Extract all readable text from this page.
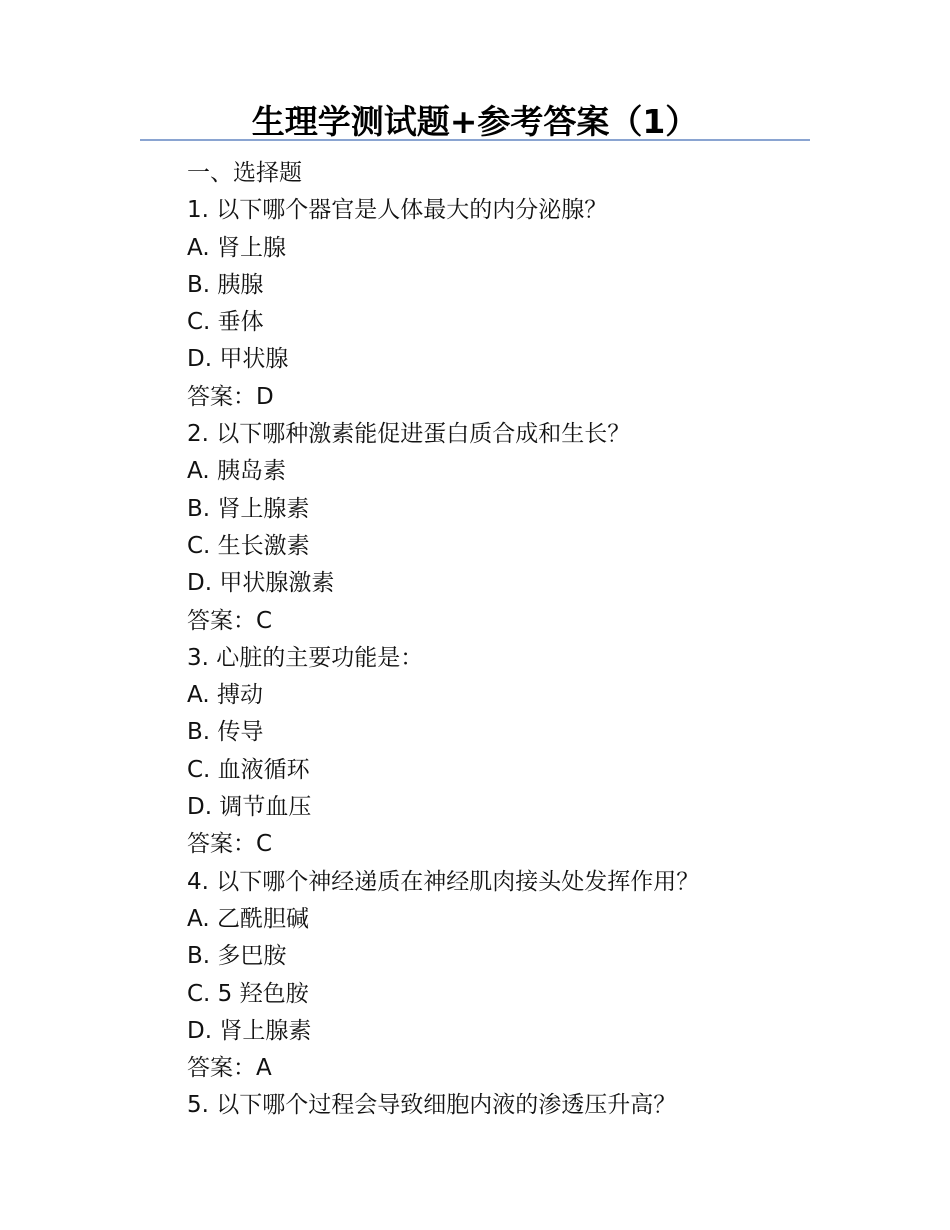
生理学测试题+参考答案（1）
一、选择题
1. 以下哪个器官是人体最大的内分泌腺？
A. 肾上腺
B. 胰腺
C. 垂体
D. 甲状腺
答案：D
2. 以下哪种激素能促进蛋白质合成和生长？
A. 胰岛素
B. 肾上腺素
C. 生长激素
D. 甲状腺激素
答案：C
3. 心脏的主要功能是：
A. 搏动
B. 传导
C. 血液循环
D. 调节血压
答案：C
4. 以下哪个神经递质在神经肌肉接头处发挥作用？
A. 乙酰胆碱
B. 多巴胺
C. 5 羟色胺
D. 肾上腺素
答案：A
5. 以下哪个过程会导致细胞内液的渗透压升高？
